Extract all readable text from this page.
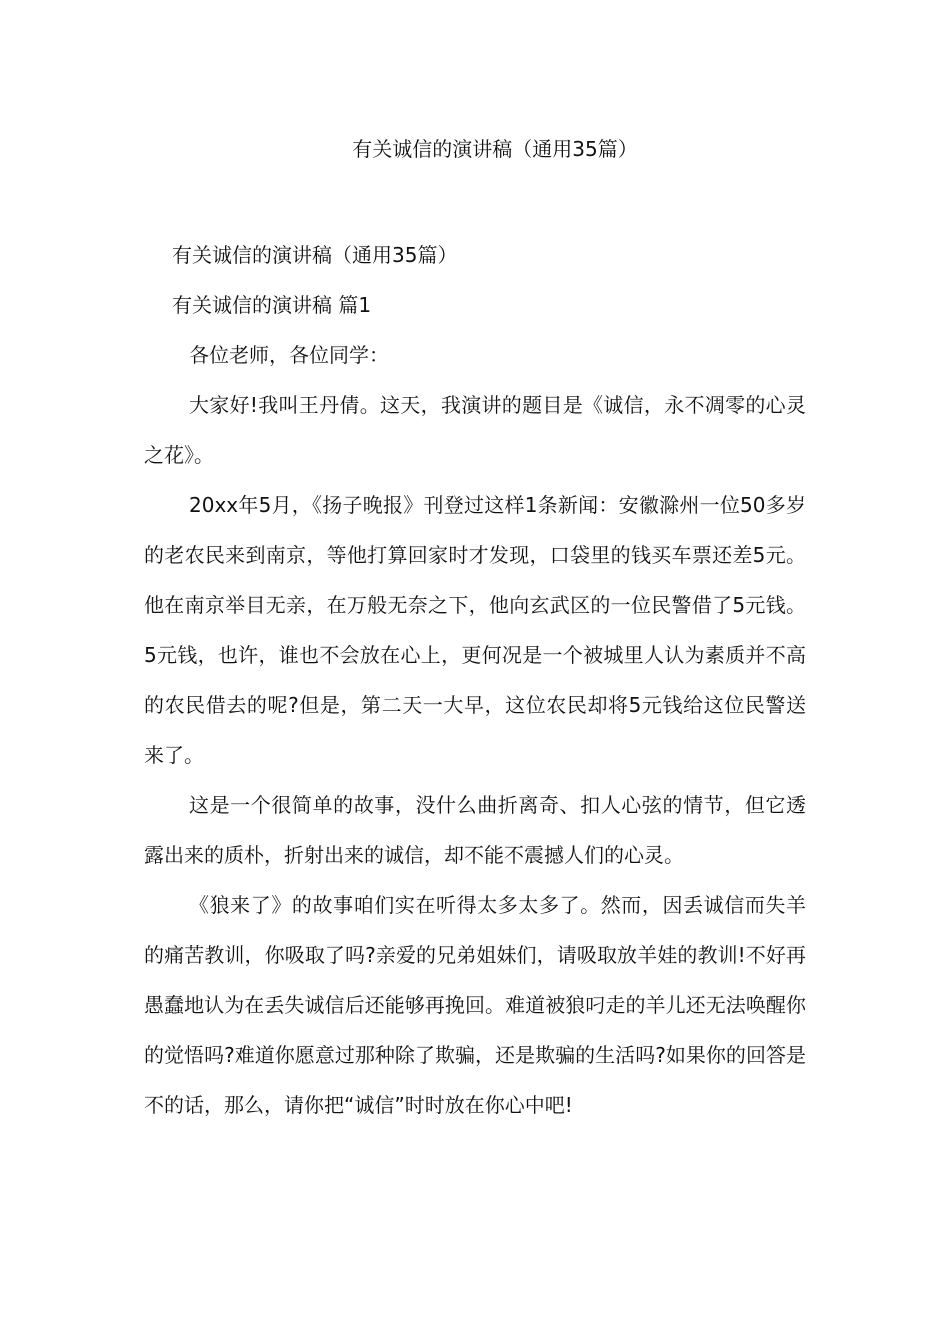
有关诚信的演讲稿（通用35篇）

有关诚信的演讲稿（通用35篇）

有关诚信的演讲稿 篇1

各位老师，各位同学：

大家好!我叫王丹倩。这天，我演讲的题目是《诚信，永不凋零的心灵之花》。

20xx年5月，《扬子晚报》刊登过这样1条新闻：安徽滁州一位50多岁的老农民来到南京，等他打算回家时才发现，口袋里的钱买车票还差5元。他在南京举目无亲，在万般无奈之下，他向玄武区的一位民警借了5元钱。5元钱，也许，谁也不会放在心上，更何况是一个被城里人认为素质并不高的农民借去的呢?但是，第二天一大早，这位农民却将5元钱给这位民警送来了。

这是一个很简单的故事，没什么曲折离奇、扣人心弦的情节，但它透露出来的质朴，折射出来的诚信，却不能不震撼人们的心灵。

《狼来了》的故事咱们实在听得太多太多了。然而，因丢诚信而失羊的痛苦教训，你吸取了吗?亲爱的兄弟姐妹们，请吸取放羊娃的教训!不好再愚蠢地认为在丢失诚信后还能够再挽回。难道被狼叼走的羊儿还无法唤醒你的觉悟吗?难道你愿意过那种除了欺骗，还是欺骗的生活吗?如果你的回答是不的话，那么，请你把“诚信”时时放在你心中吧!
